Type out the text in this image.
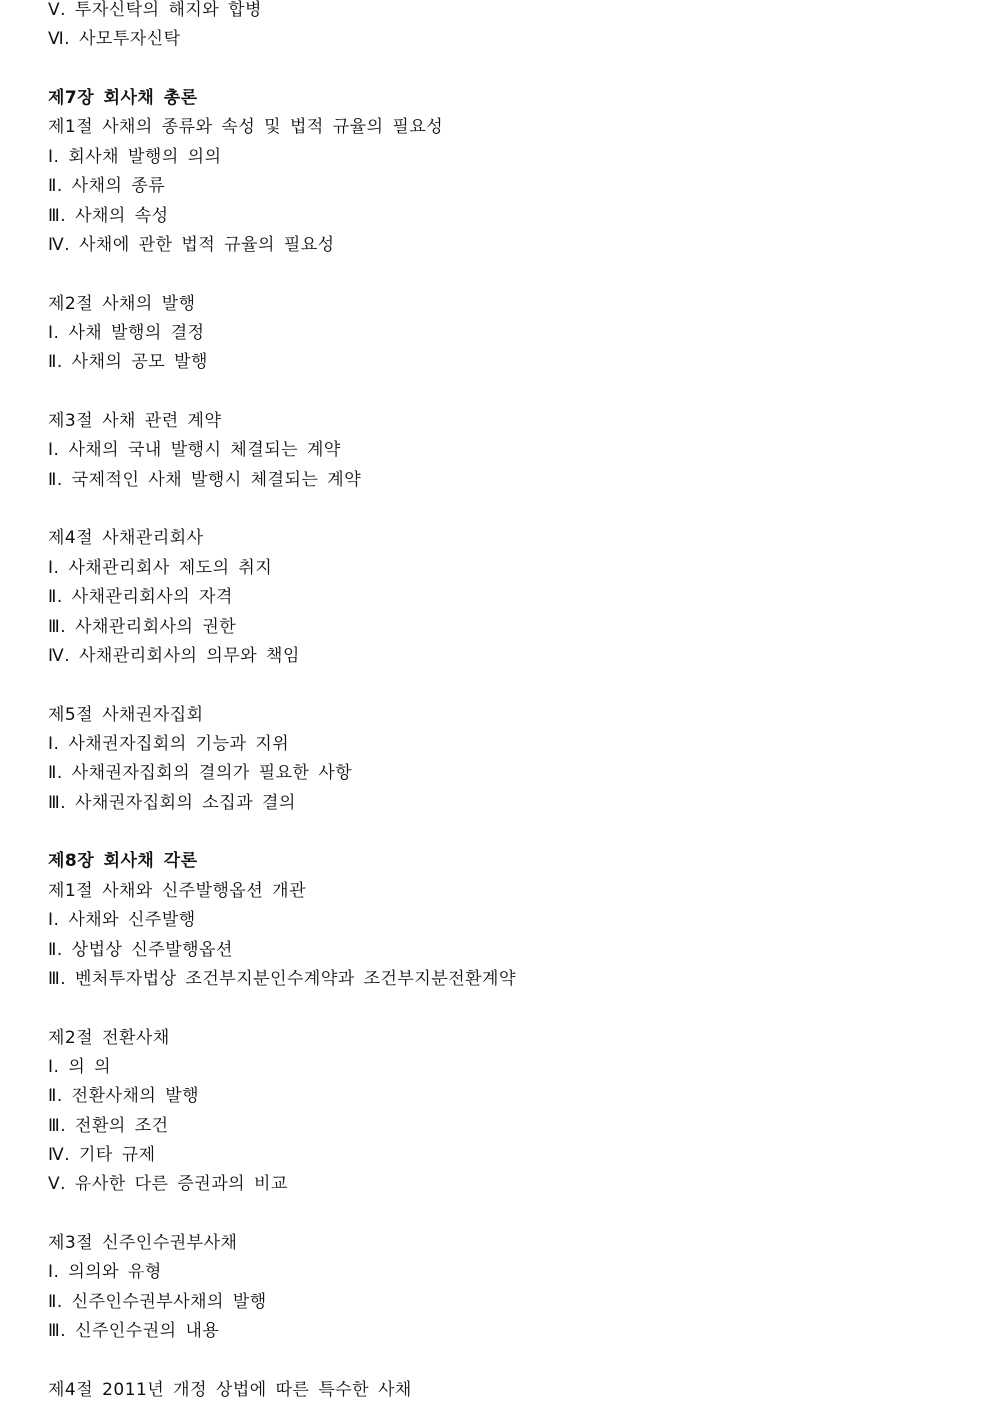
Ⅴ. 투자신탁의 해지와 합병
Ⅵ. 사모투자신탁
제7장 회사채 총론
제1절 사채의 종류와 속성 및 법적 규율의 필요성
Ⅰ. 회사채 발행의 의의
Ⅱ. 사채의 종류
Ⅲ. 사채의 속성
Ⅳ. 사채에 관한 법적 규율의 필요성
제2절 사채의 발행
Ⅰ. 사채 발행의 결정
Ⅱ. 사채의 공모 발행
제3절 사채 관련 계약
Ⅰ. 사채의 국내 발행시 체결되는 계약
Ⅱ. 국제적인 사채 발행시 체결되는 계약
제4절 사채관리회사
Ⅰ. 사채관리회사 제도의 취지
Ⅱ. 사채관리회사의 자격
Ⅲ. 사채관리회사의 권한
Ⅳ. 사채관리회사의 의무와 책임
제5절 사채권자집회
Ⅰ. 사채권자집회의 기능과 지위
Ⅱ. 사채권자집회의 결의가 필요한 사항
Ⅲ. 사채권자집회의 소집과 결의
제8장 회사채 각론
제1절 사채와 신주발행옵션 개관
Ⅰ. 사채와 신주발행
Ⅱ. 상법상 신주발행옵션
Ⅲ. 벤처투자법상 조건부지분인수계약과 조건부지분전환계약
제2절 전환사채
Ⅰ. 의 의
Ⅱ. 전환사채의 발행
Ⅲ. 전환의 조건
Ⅳ. 기타 규제
Ⅴ. 유사한 다른 증권과의 비교
제3절 신주인수권부사채
Ⅰ. 의의와 유형
Ⅱ. 신주인수권부사채의 발행
Ⅲ. 신주인수권의 내용
제4절 2011년 개정 상법에 따른 특수한 사채
